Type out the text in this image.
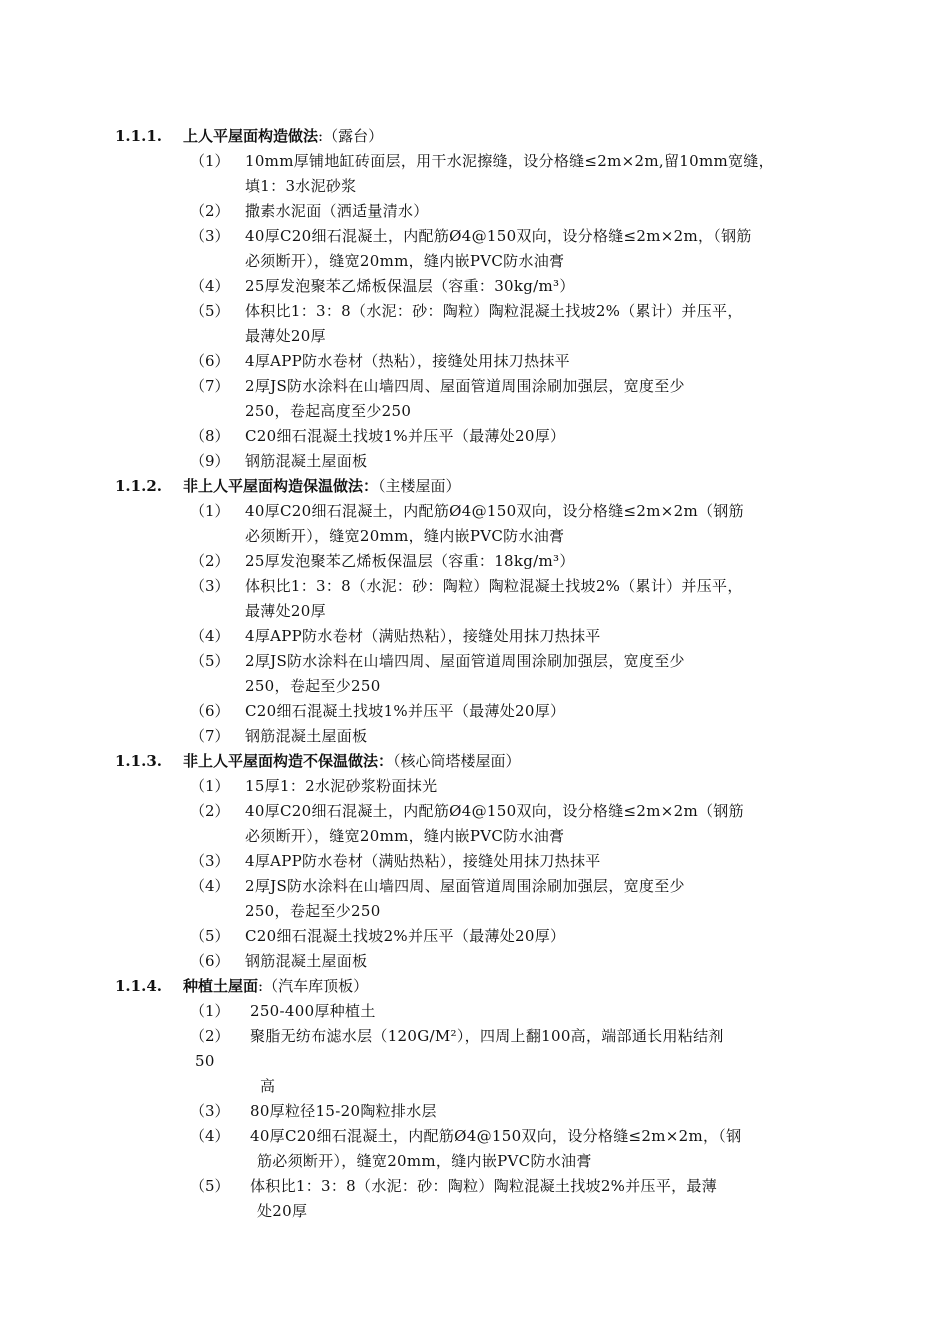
1.1.1. 上人平屋面构造做法:（露台）
（1）	10mm厚铺地缸砖面层，用干水泥擦缝，设分格缝≤2m×2m,留10mm宽缝，
填1：3水泥砂浆
（2）	撒素水泥面（洒适量清水）
（3）	40厚C20细石混凝土，内配筋Ø4@150双向，设分格缝≤2m×2m，（钢筋
必须断开），缝宽20mm，缝内嵌PVC防水油膏
（4）	25厚发泡聚苯乙烯板保温层（容重：30kg/m³）
（5）	体积比1：3：8（水泥：砂：陶粒）陶粒混凝土找坡2%（累计）并压平，
最薄处20厚
（6）	4厚APP防水卷材（热粘），接缝处用抹刀热抹平
（7）	2厚JS防水涂料在山墙四周、屋面管道周围涂刷加强层，宽度至少
250，卷起高度至少250
（8）	C20细石混凝土找坡1%并压平（最薄处20厚）
（9）	钢筋混凝土屋面板
1.1.2. 非上人平屋面构造保温做法：（主楼屋面）
（1）	40厚C20细石混凝土，内配筋Ø4@150双向，设分格缝≤2m×2m（钢筋
必须断开），缝宽20mm，缝内嵌PVC防水油膏
（2）	25厚发泡聚苯乙烯板保温层（容重：18kg/m³）
（3）	体积比1：3：8（水泥：砂：陶粒）陶粒混凝土找坡2%（累计）并压平，
最薄处20厚
（4）	4厚APP防水卷材（满贴热粘），接缝处用抹刀热抹平
（5）	2厚JS防水涂料在山墙四周、屋面管道周围涂刷加强层，宽度至少
250，卷起至少250
（6）	C20细石混凝土找坡1%并压平（最薄处20厚）
（7）	钢筋混凝土屋面板
1.1.3. 非上人平屋面构造不保温做法：（核心筒塔楼屋面）
（1）	15厚1：2水泥砂浆粉面抹光
（2）	40厚C20细石混凝土，内配筋Ø4@150双向，设分格缝≤2m×2m（钢筋
必须断开），缝宽20mm，缝内嵌PVC防水油膏
（3）	4厚APP防水卷材（满贴热粘），接缝处用抹刀热抹平
（4）	2厚JS防水涂料在山墙四周、屋面管道周围涂刷加强层，宽度至少
250，卷起至少250
（5）	C20细石混凝土找坡2%并压平（最薄处20厚）
（6）	钢筋混凝土屋面板
1.1.4. 种植土屋面:（汽车库顶板）
（1）	250-400厚种植土
（2）	聚脂无纺布滤水层（120G/M²），四周上翻100高，端部通长用粘结剂
50
高
（3）	80厚粒径15-20陶粒排水层
（4）	40厚C20细石混凝土，内配筋Ø4@150双向，设分格缝≤2m×2m，（钢
筋必须断开），缝宽20mm，缝内嵌PVC防水油膏
（5）	体积比1：3：8（水泥：砂：陶粒）陶粒混凝土找坡2%并压平，最薄
处20厚
